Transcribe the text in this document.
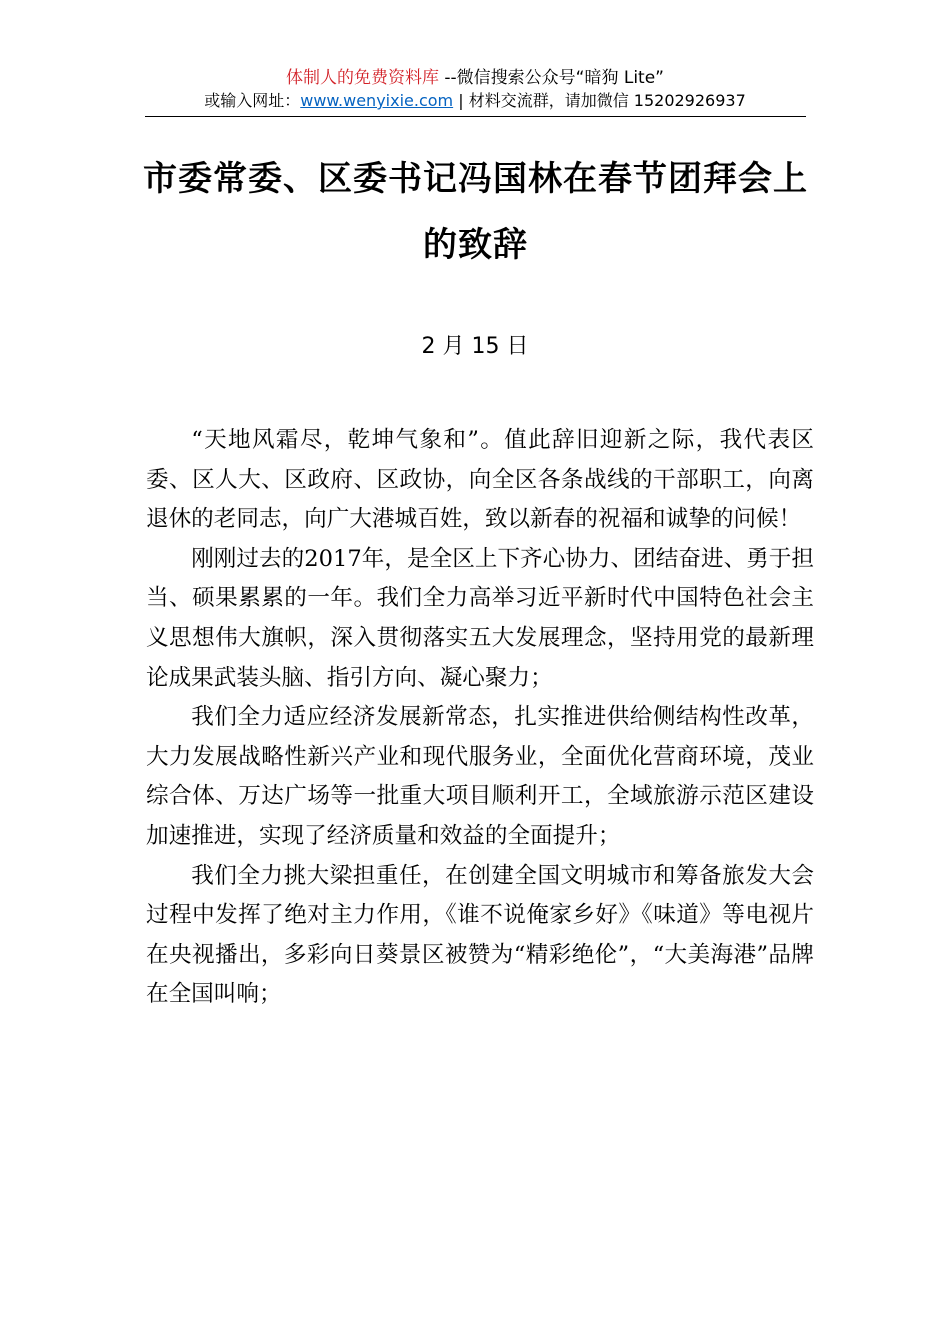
体制人的免费资料库 --微信搜索公众号“暗狗 Lite”
或输入网址：www.wenyixie.com | 材料交流群，请加微信 15202926937
市委常委、区委书记冯国林在春节团拜会上的致辞
2 月 15 日

“天地风霜尽，乾坤气象和”。值此辞旧迎新之际，我代表区委、区人大、区政府、区政协，向全区各条战线的干部职工，向离退休的老同志，向广大港城百姓，致以新春的祝福和诚挚的问候！

刚刚过去的2017年，是全区上下齐心协力、团结奋进、勇于担当、硕果累累的一年。我们全力高举习近平新时代中国特色社会主义思想伟大旗帜，深入贯彻落实五大发展理念，坚持用党的最新理论成果武装头脑、指引方向、凝心聚力；

我们全力适应经济发展新常态，扎实推进供给侧结构性改革，大力发展战略性新兴产业和现代服务业，全面优化营商环境，茂业综合体、万达广场等一批重大项目顺利开工，全域旅游示范区建设加速推进，实现了经济质量和效益的全面提升；

我们全力挑大梁担重任，在创建全国文明城市和筹备旅发大会过程中发挥了绝对主力作用，《谁不说俺家乡好》《味道》等电视片在央视播出，多彩向日葵景区被赞为“精彩绝伦”，“大美海港”品牌在全国叫响；
